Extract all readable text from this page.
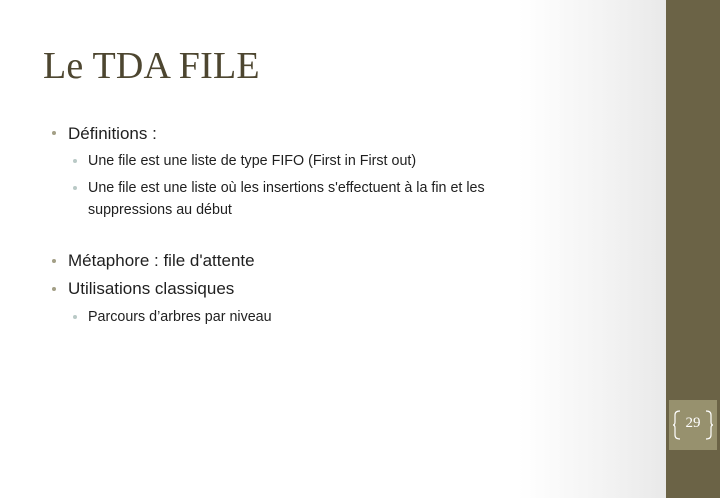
Le TDA FILE
Définitions :
Une file est une liste de type FIFO (First in First out)
Une file est une liste où les insertions s'effectuent à la fin et les suppressions au début
Métaphore : file d'attente
Utilisations classiques
Parcours d’arbres par niveau
29
